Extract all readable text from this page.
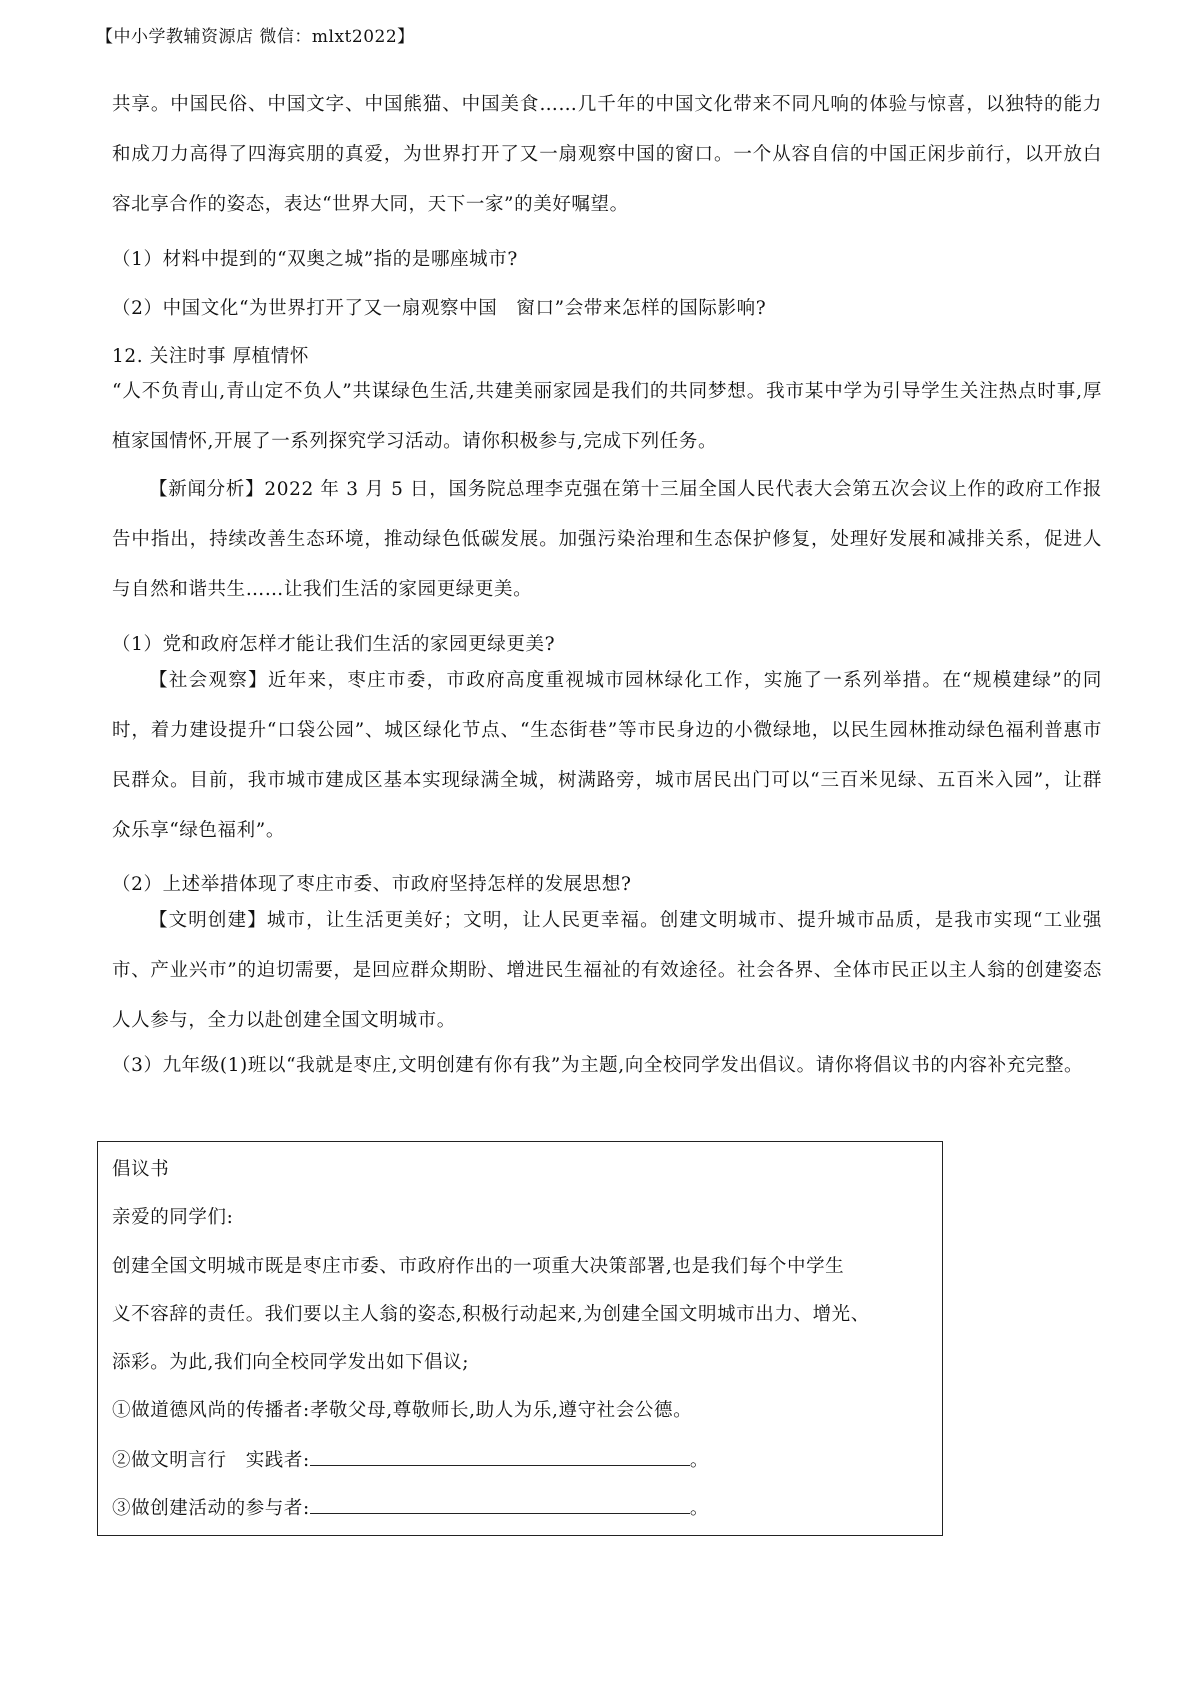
【中小学教辅资源店 微信：mlxt2022】
共享。中国民俗、中国文字、中国熊猫、中国美食……几千年的中国文化带来不同凡响的体验与惊喜，以独特的能力和成刀力高得了四海宾朋的真爱，为世界打开了又一扇观察中国的窗口。一个从容自信的中国正闲步前行，以开放白容北享合作的姿态，表达“世界大同，天下一家”的美好嘱望。
（1）材料中提到的“双奥之城”指的是哪座城市?
（2）中国文化“为世界打开了又一扇观察中国　窗口”会带来怎样的国际影响?
12. 关注时事 厚植情怀
“人不负青山,青山定不负人”共谋绿色生活,共建美丽家园是我们的共同梦想。我市某中学为引导学生关注热点时事,厚植家国情怀,开展了一系列探究学习活动。请你积极参与,完成下列任务。
【新闻分析】2022 年 3 月 5 日，国务院总理李克强在第十三届全国人民代表大会第五次会议上作的政府工作报告中指出，持续改善生态环境，推动绿色低碳发展。加强污染治理和生态保护修复，处理好发展和减排关系，促进人与自然和谐共生……让我们生活的家园更绿更美。
（1）党和政府怎样才能让我们生活的家园更绿更美?
【社会观察】近年来，枣庄市委，市政府高度重视城市园林绿化工作，实施了一系列举措。在“规模建绿”的同时，着力建设提升“口袋公园”、城区绿化节点、“生态街巷”等市民身边的小微绿地，以民生园林推动绿色福利普惠市民群众。目前，我市城市建成区基本实现绿满全城，树满路旁，城市居民出门可以“三百米见绿、五百米入园”，让群众乐享“绿色福利”。
（2）上述举措体现了枣庄市委、市政府坚持怎样的发展思想?
【文明创建】城市，让生活更美好；文明，让人民更幸福。创建文明城市、提升城市品质，是我市实现“工业强市、产业兴市”的迫切需要，是回应群众期盼、增进民生福祉的有效途径。社会各界、全体市民正以主人翁的创建姿态人人参与，全力以赴创建全国文明城市。
（3）九年级(1)班以“我就是枣庄,文明创建有你有我”为主题,向全校同学发出倡议。请你将倡议书的内容补充完整。
倡议书
亲爱的同学们:
创建全国文明城市既是枣庄市委、市政府作出的一项重大决策部署,也是我们每个中学生
义不容辞的责任。我们要以主人翁的姿态,积极行动起来,为创建全国文明城市出力、增光、
添彩。为此,我们向全校同学发出如下倡议;
①做道德风尚的传播者:孝敬父母,尊敬师长,助人为乐,遵守社会公德。
②做文明言行　实践者:	。
③做创建活动的参与者:	。
